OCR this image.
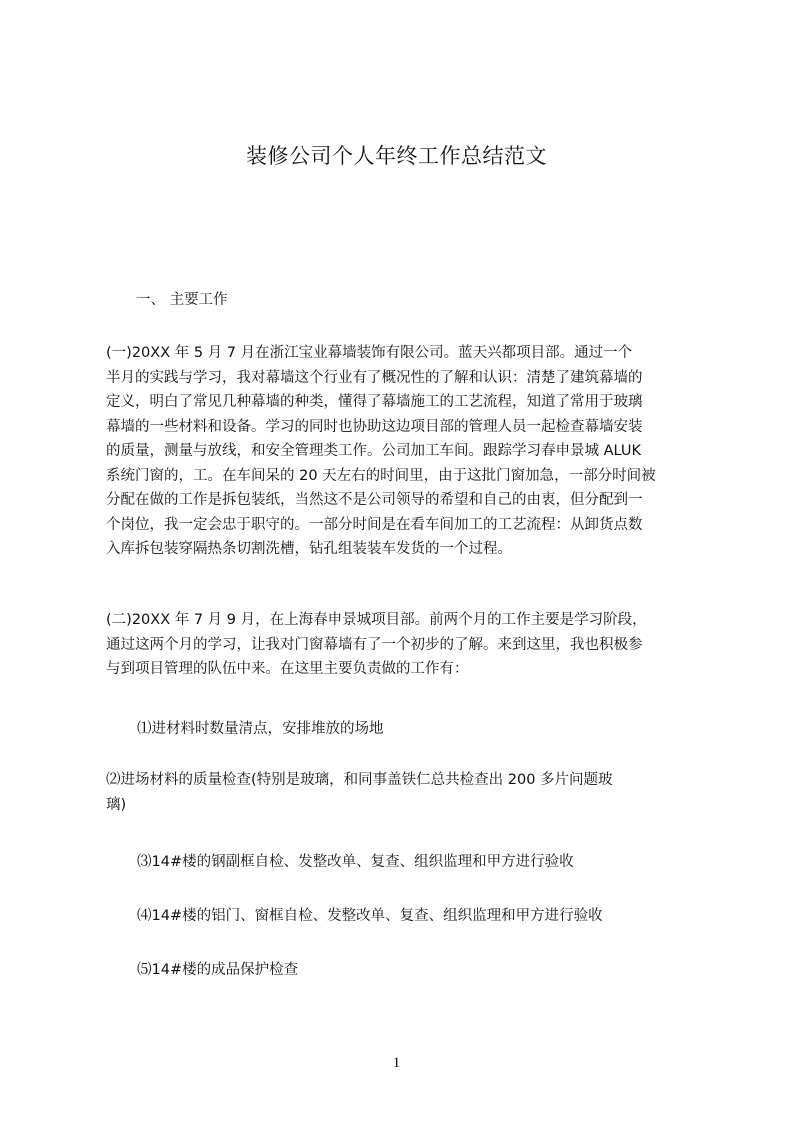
装修公司个人年终工作总结范文
一、 主要工作
(一)20XX 年 5 月 7 月在浙江宝业幕墙装饰有限公司。蓝天兴都项目部。通过一个
半月的实践与学习，我对幕墙这个行业有了概况性的了解和认识：清楚了建筑幕墙的
定义，明白了常见几种幕墙的种类，懂得了幕墙施工的工艺流程，知道了常用于玻璃
幕墙的一些材料和设备。学习的同时也协助这边项目部的管理人员一起检查幕墙安装
的质量，测量与放线，和安全管理类工作。公司加工车间。跟踪学习春申景城 ALUK
系统门窗的，工。在车间呆的 20 天左右的时间里，由于这批门窗加急，一部分时间被
分配在做的工作是拆包装纸，当然这不是公司领导的希望和自己的由衷，但分配到一
个岗位，我一定会忠于职守的。一部分时间是在看车间加工的工艺流程：从卸货点数
入库拆包装穿隔热条切割洗槽，钻孔组装装车发货的一个过程。
(二)20XX 年 7 月 9 月，在上海春申景城项目部。前两个月的工作主要是学习阶段，
通过这两个月的学习，让我对门窗幕墙有了一个初步的了解。来到这里，我也积极参
与到项目管理的队伍中来。在这里主要负责做的工作有：
⑴进材料时数量清点，安排堆放的场地
⑵进场材料的质量检查(特别是玻璃，和同事盖铁仁总共检查出 200 多片问题玻
璃)
⑶14#楼的钢副框自检、发整改单、复查、组织监理和甲方进行验收
⑷14#楼的铝门、窗框自检、发整改单、复查、组织监理和甲方进行验收
⑸14#楼的成品保护检查
1
